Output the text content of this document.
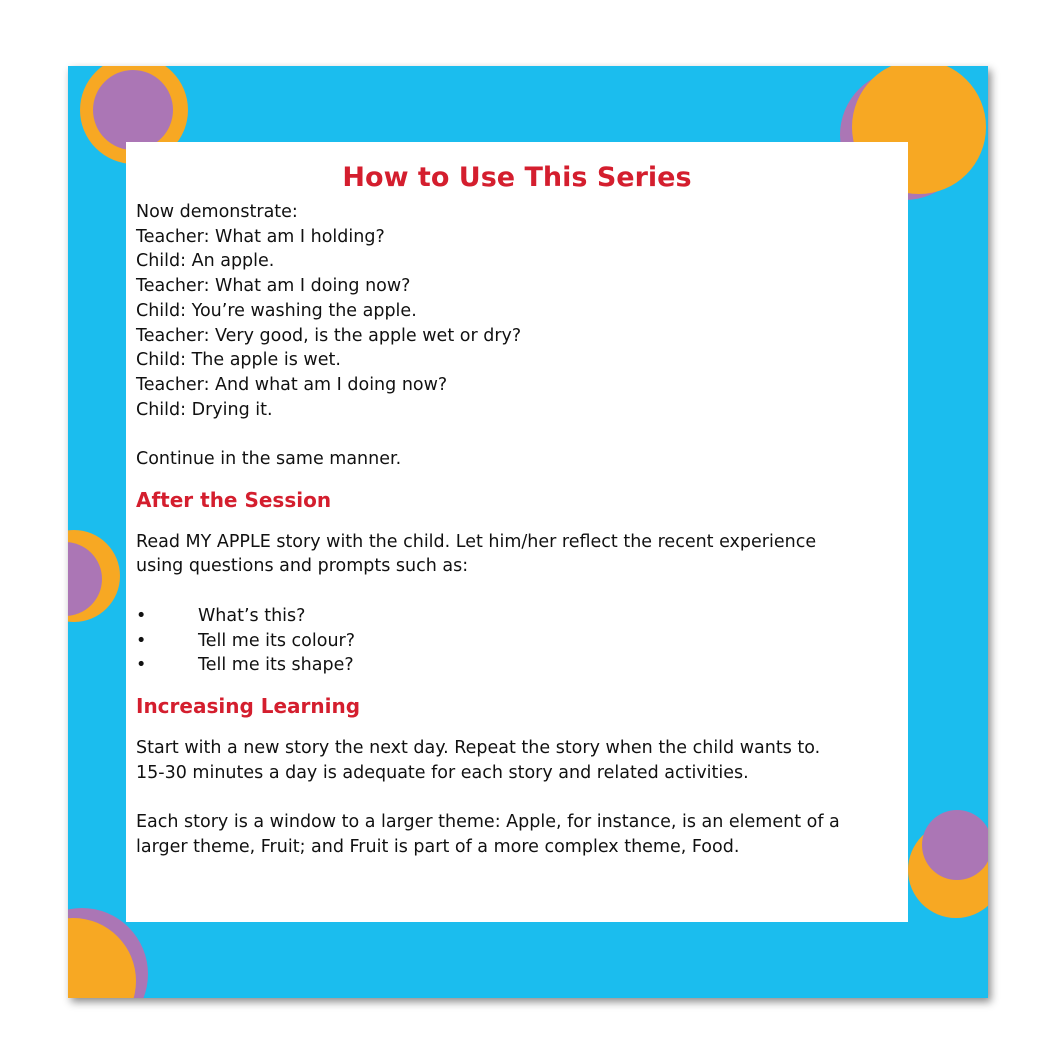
How to Use This Series
Now demonstrate:
Teacher: What am I holding?
Child: An apple.
Teacher: What am I doing now?
Child: You’re washing the apple.
Teacher: Very good, is the apple wet or dry?
Child: The apple is wet.
Teacher: And what am I doing now?
Child: Drying it.
Continue in the same manner.
After the Session
Read MY APPLE story with the child. Let him/her reflect the recent experience
using questions and prompts such as:
•	What’s this?
•	Tell me its colour?
•	Tell me its shape?
Increasing Learning
Start with a new story the next day. Repeat the story when the child wants to.
15-30 minutes a day is adequate for each story and related activities.
Each story is a window to a larger theme: Apple, for instance, is an element of a
larger theme, Fruit; and Fruit is part of a more complex theme, Food.
